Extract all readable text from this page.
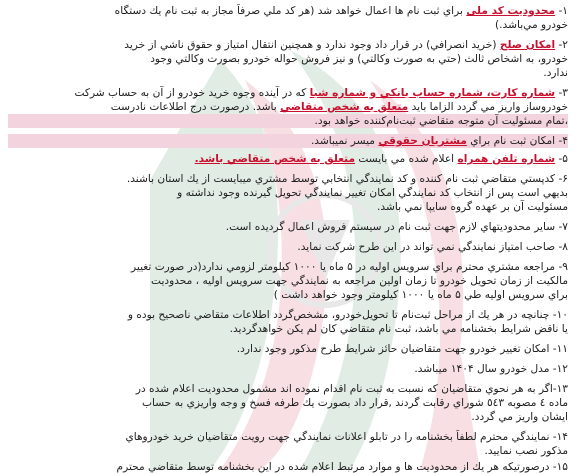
۱- محدودیت کد ملی براي ثبت نام ها اعمال خواهد شد (هر کد ملي صرفاً مجاز به ثبت نام يك دستگاه
خودرو مي‌باشد.)
۲- امکان صلح (خرید انصرافي) در قرار داد وجود ندارد و همچنين انتقال امتياز و حقوق ناشي از خريد
خودرو، به اشخاص ثالث (حتي به صورت وکالتي) و نيز فروش حواله خودرو بصورت وکالتي وجود
ندارد.
۳- شماره کارت، شماره حساب بانکي و شماره شبا که در آينده وجوه خريد خودرو از آن به حساب شرکت
خودروساز واريز مي گردد الزاما بايد متعلق به شخص متقاضي باشد. درصورت درج اطلاعات نادرست
،تمام مسئوليت آن متوجه متقاضي ثبت‌نام‌کننده خواهد بود.
۴- امکان ثبت نام براي مشتريان حقوقي ميسر نميباشد.
۵- شماره تلفن همراه اعلام شده مي بايست متعلق به شخص متقاضي باشد.
۶- کدپستي متقاضي ثبت نام کننده و کد نمايندگي انتخابي توسط مشتري ميبايست از يك استان باشند.
بديهي است پس از انتخاب کد نمايندگي امکان تغيير نمايندگي تحويل گيرنده وجود نداشته و
مسئوليت آن بر عهده گروه سايپا نمي باشد.
۷- ساير محدوديتهاي لازم جهت ثبت نام در سيستم فروش اعمال گرديده است.
۸- صاحب امتياز نمايندگي نمي تواند در اين طرح شرکت نمايد.
۹- مراجعه مشتري محترم براي سرويس اوليه در ۵ ماه يا ۱۰۰۰ کيلومتر لزومي ندارد(در صورت تغيير
مالكيت از زمان تحويل خودرو تا زمان اولين مراجعه به نمايندگي جهت سرويس اوليه ، محدوديت
براي سرويس اوليه طي ۵ ماه يا ۱۰۰۰ کيلومتر وجود خواهد داشت )
۱۰- چنانچه در هر يك از مراحل ثبت‌نام تا تحويل‌خودرو، مشخص‌گردد اطلاعات متقاضي ناصحيح بوده و
يا ناقض شرايط بخشنامه مي باشد، ثبت نام متقاضي كان لم يكن خواهدگرديد.
۱۱- امکان تغيير خودرو جهت متقاضيان حائز شرايط طرح مذكور وجود ندارد.
۱۲- مدل خودرو سال ۱۴۰۴ ميباشد.
۱۳-اگر به هر نحوي متقاضيان كه نسبت به ثبت نام اقدام نموده اند مشمول محدوديت اعلام شده در
ماده ٤ مصوبه ٥٤٣ شوراي رقابت گردند ,قرار داد بصورت يك طرفه فسخ و وجه واريزي به حساب
ايشان واريز مي گردد.
۱۴- نمايندگي محترم لطفاً بخشنامه را در تابلو اعلانات نمايندگي جهت رويت متقاضيان خريد خودروهاي
مذکور نصب نماييد.
۱۵- درصورتيكه هر يك از محدوديت ها و موارد مرتبط اعلام شده در اين بخشنامه توسط متقاضي محترم
